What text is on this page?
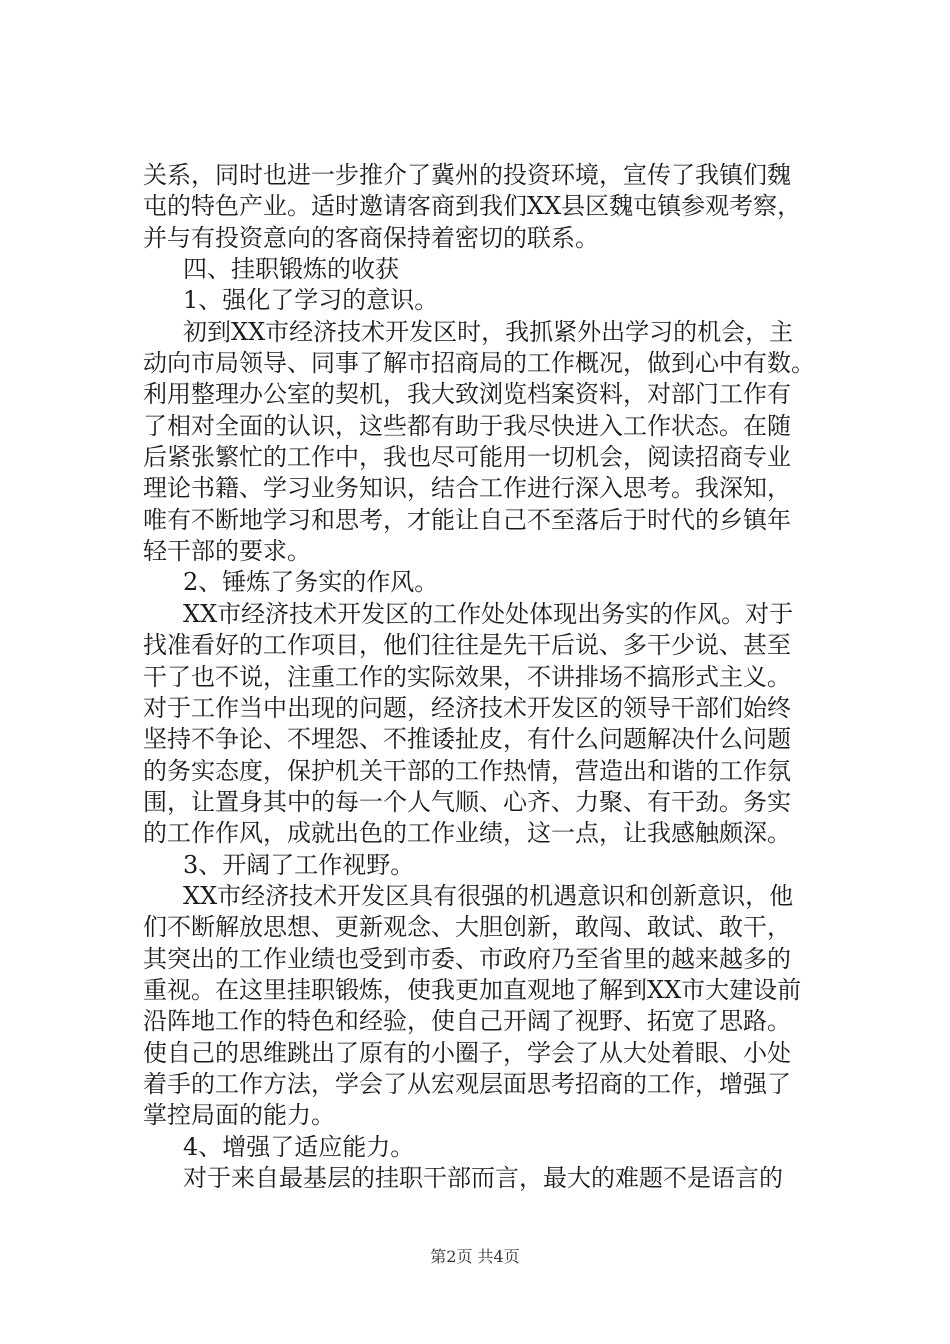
关系，同时也进一步推介了冀州的投资环境，宣传了我镇们魏
屯的特色产业。适时邀请客商到我们XX县区魏屯镇参观考察，
并与有投资意向的客商保持着密切的联系。
四、挂职锻炼的收获
1、强化了学习的意识。
初到XX市经济技术开发区时，我抓紧外出学习的机会，主
动向市局领导、同事了解市招商局的工作概况，做到心中有数。
利用整理办公室的契机，我大致浏览档案资料，对部门工作有
了相对全面的认识，这些都有助于我尽快进入工作状态。在随
后紧张繁忙的工作中，我也尽可能用一切机会，阅读招商专业
理论书籍、学习业务知识，结合工作进行深入思考。我深知，
唯有不断地学习和思考，才能让自己不至落后于时代的乡镇年
轻干部的要求。
2、锤炼了务实的作风。
XX市经济技术开发区的工作处处体现出务实的作风。对于
找准看好的工作项目，他们往往是先干后说、多干少说、甚至
干了也不说，注重工作的实际效果，不讲排场不搞形式主义。
对于工作当中出现的问题，经济技术开发区的领导干部们始终
坚持不争论、不埋怨、不推诿扯皮，有什么问题解决什么问题
的务实态度，保护机关干部的工作热情，营造出和谐的工作氛
围，让置身其中的每一个人气顺、心齐、力聚、有干劲。务实
的工作作风，成就出色的工作业绩，这一点，让我感触颇深。
3、开阔了工作视野。
XX市经济技术开发区具有很强的机遇意识和创新意识，他
们不断解放思想、更新观念、大胆创新，敢闯、敢试、敢干，
其突出的工作业绩也受到市委、市政府乃至省里的越来越多的
重视。在这里挂职锻炼，使我更加直观地了解到XX市大建设前
沿阵地工作的特色和经验，使自己开阔了视野、拓宽了思路。
使自己的思维跳出了原有的小圈子，学会了从大处着眼、小处
着手的工作方法，学会了从宏观层面思考招商的工作，增强了
掌控局面的能力。
4、增强了适应能力。
对于来自最基层的挂职干部而言，最大的难题不是语言的
第2页 共4页
